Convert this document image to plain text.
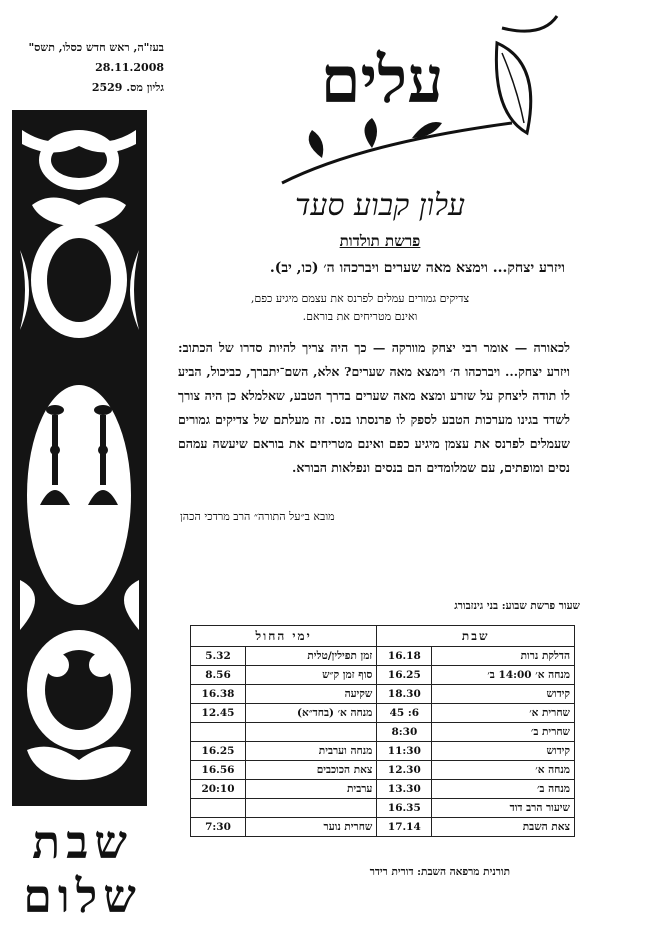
בעז"ה, ראש חדש כסלו, תשס"
28.11.2008
גליון מס. 2529
שבת
שלום
עלים
עלון קבוע סעד
פרשת תולדות
ויזרע יצחק... וימצא מאה שערים ויברכהו ה׳ (כו, יב).
צדיקים גמורים עמלים לפרנס את עצמם מיגיע כפם,
ואינם מטריחים את בוראם.
לכאורה — אומר רבי יצחק מוורקה — כך היה צריך להיות סדרו של הכתוב: ויזרע יצחק... ויברכהו ה׳ וימצא מאה שערים? אלא, השם־יתברך, כביכול, הביע לו תודה ליצחק על שזרע ומצא מאה שערים בדרך הטבע, שאלמלא כן היה צורך לשדד בגינו מערכות הטבע לספק לו פרנסתו בנס. זה מעלתם של צדיקים גמורים שעמלים לפרנס את עצמן מיגיע כפם ואינם מטריחים את בוראם שיעשה עמהם נסים ומופתים, עם שמלומדים הם בנסים ונפלאות הבורא.
מובא ב״על התורה״ הרב מרדכי הכהן
שעור פרשת שבוע: בני גינזבורג
שבת		ימי החול	
הדלקת נרות	16.18	זמן תפילין/טלית	5.32
מנחה א׳ 14:00 ב׳	16.25	סוף זמן ק״ש	8.56
קידוש	18.30	שקיעה	16.38
שחרית א׳	6: 45	מנחה א׳ (בחד״א)	12.45
שחרית ב׳	8:30		
קידוש	11:30	מנחה וערבית	16.25
מנחה א׳	12.30	צאת הכוכבים	16.56
מנחה ב׳	13.30	ערבית	20:10
שיעור הרב דוד	16.35		
צאת השבת	17.14	שחרית נוער	7:30
תורנית מרפאה השבת: דורית רידר
